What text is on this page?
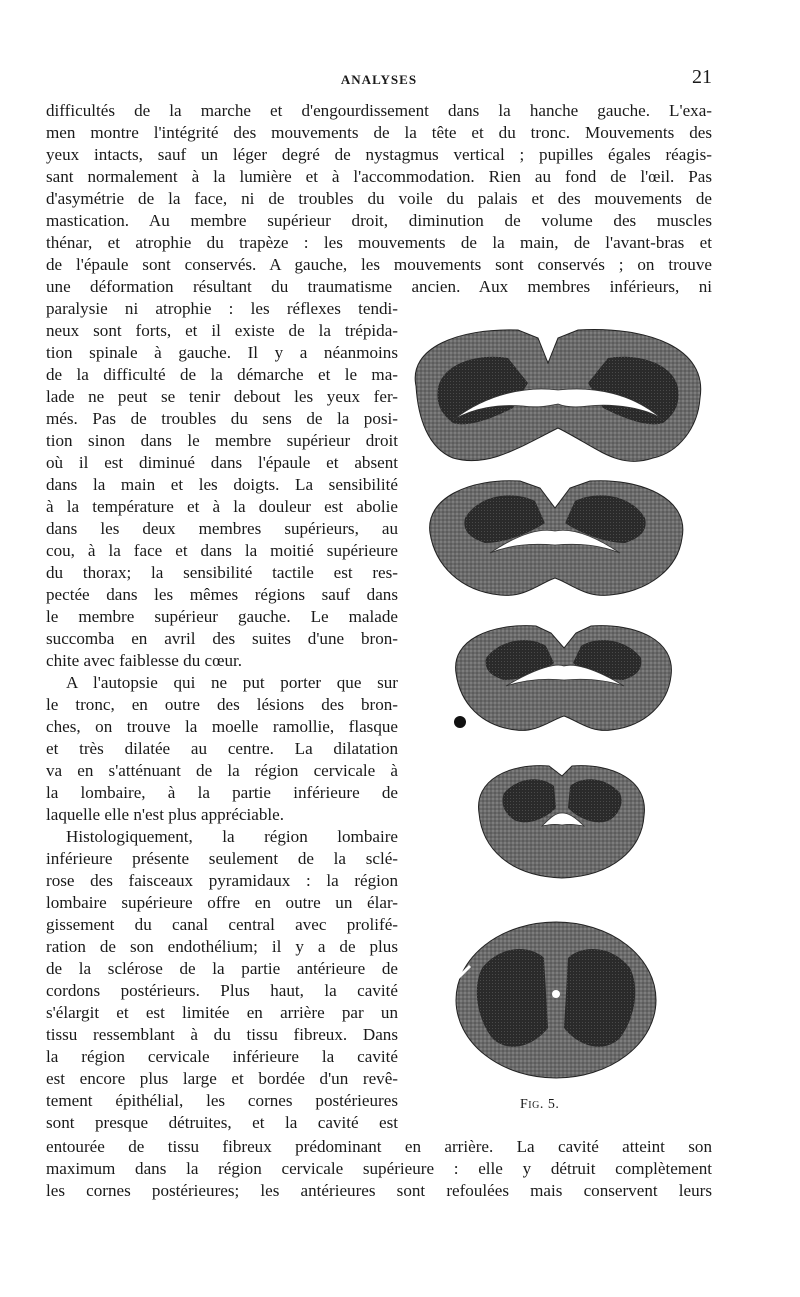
ANALYSES	21
difficultés de la marche et d'engourdissement dans la hanche gauche. L'exa-
men montre l'intégrité des mouvements de la tête et du tronc. Mouvements des
yeux intacts, sauf un léger degré de nystagmus vertical ; pupilles égales réagis-
sant normalement à la lumière et à l'accommodation. Rien au fond de l'œil. Pas
d'asymétrie de la face, ni de troubles du voile du palais et des mouvements de
mastication. Au membre supérieur droit, diminution de volume des muscles
thénar, et atrophie du trapèze : les mouvements de la main, de l'avant-bras et
de l'épaule sont conservés. A gauche, les mouvements sont conservés ; on trouve
une déformation résultant du traumatisme ancien. Aux membres inférieurs, ni
paralysie ni atrophie : les réflexes tendi-
neux sont forts, et il existe de la trépida-
tion spinale à gauche. Il y a néanmoins
de la difficulté de la démarche et le ma-
lade ne peut se tenir debout les yeux fer-
més. Pas de troubles du sens de la posi-
tion sinon dans le membre supérieur droit
où il est diminué dans l'épaule et absent
dans la main et les doigts. La sensibilité
à la température et à la douleur est abolie
dans les deux membres supérieurs, au
cou, à la face et dans la moitié supérieure
du thorax; la sensibilité tactile est res-
pectée dans les mêmes régions sauf dans
le membre supérieur gauche. Le malade
succomba en avril des suites d'une bron-
chite avec faiblesse du cœur.
A l'autopsie qui ne put porter que sur
le tronc, en outre des lésions des bron-
ches, on trouve la moelle ramollie, flasque
et très dilatée au centre. La dilatation
va en s'atténuant de la région cervicale à
la lombaire, à la partie inférieure de
laquelle elle n'est plus appréciable.
Histologiquement, la région lombaire
inférieure présente seulement de la sclé-
rose des faisceaux pyramidaux : la région
lombaire supérieure offre en outre un élar-
gissement du canal central avec prolifé-
ration de son endothélium; il y a de plus
de la sclérose de la partie antérieure de
cordons postérieurs. Plus haut, la cavité
s'élargit et est limitée en arrière par un
tissu ressemblant à du tissu fibreux. Dans
la région cervicale inférieure la cavité
est encore plus large et bordée d'un revê-
tement épithélial, les cornes postérieures
sont presque détruites, et la cavité est
Fig. 5.
entourée de tissu fibreux prédominant en arrière. La cavité atteint son
maximum dans la région cervicale supérieure : elle y détruit complètement
les cornes postérieures; les antérieures sont refoulées mais conservent leurs
